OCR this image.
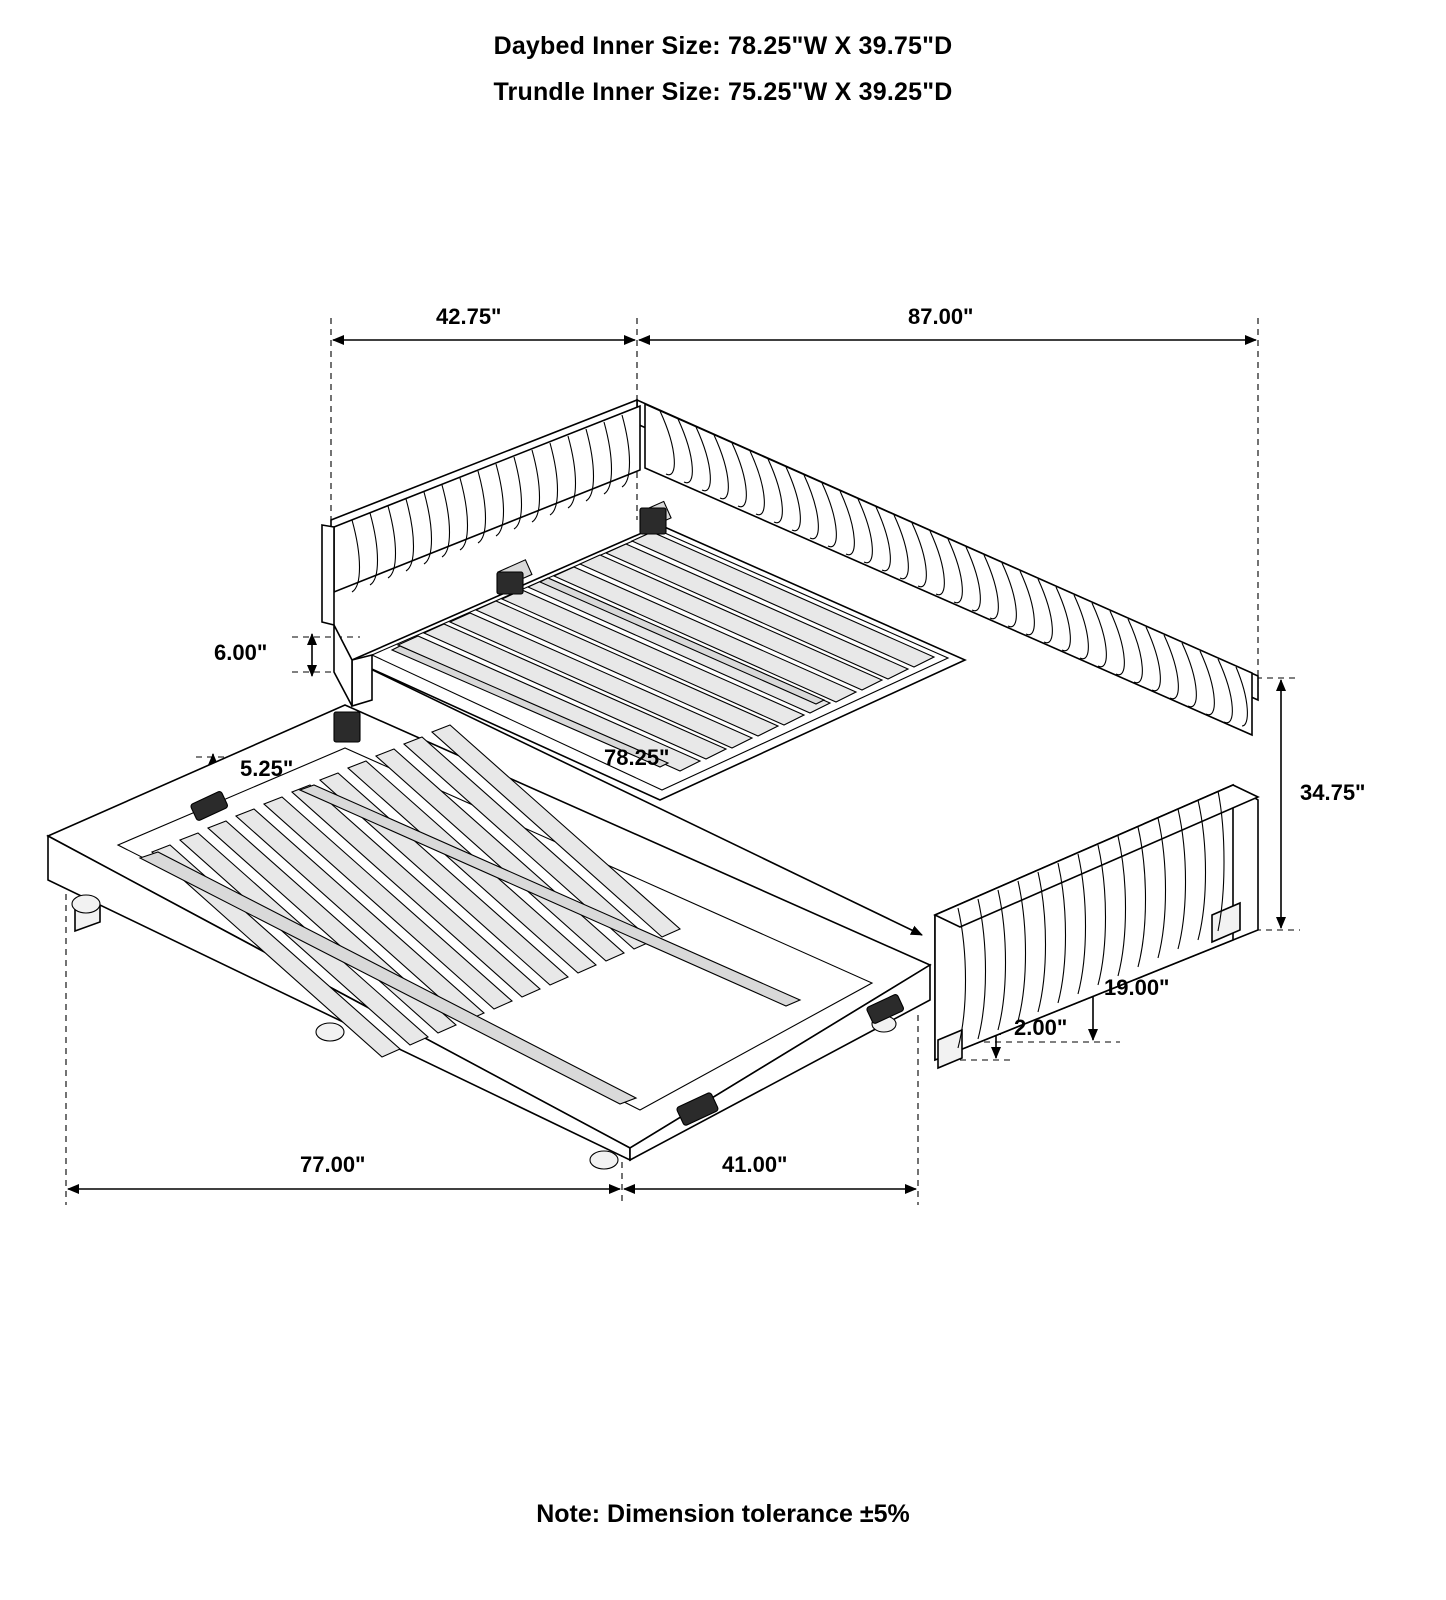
Daybed Inner Size: 78.25"W X 39.75"D
Trundle Inner Size: 75.25"W X 39.25"D
42.75"	87.00"
6.00"
5.25"	78.25"
34.75"
19.00"
2.00"
77.00"	41.00"
Note: Dimension tolerance ±5%
